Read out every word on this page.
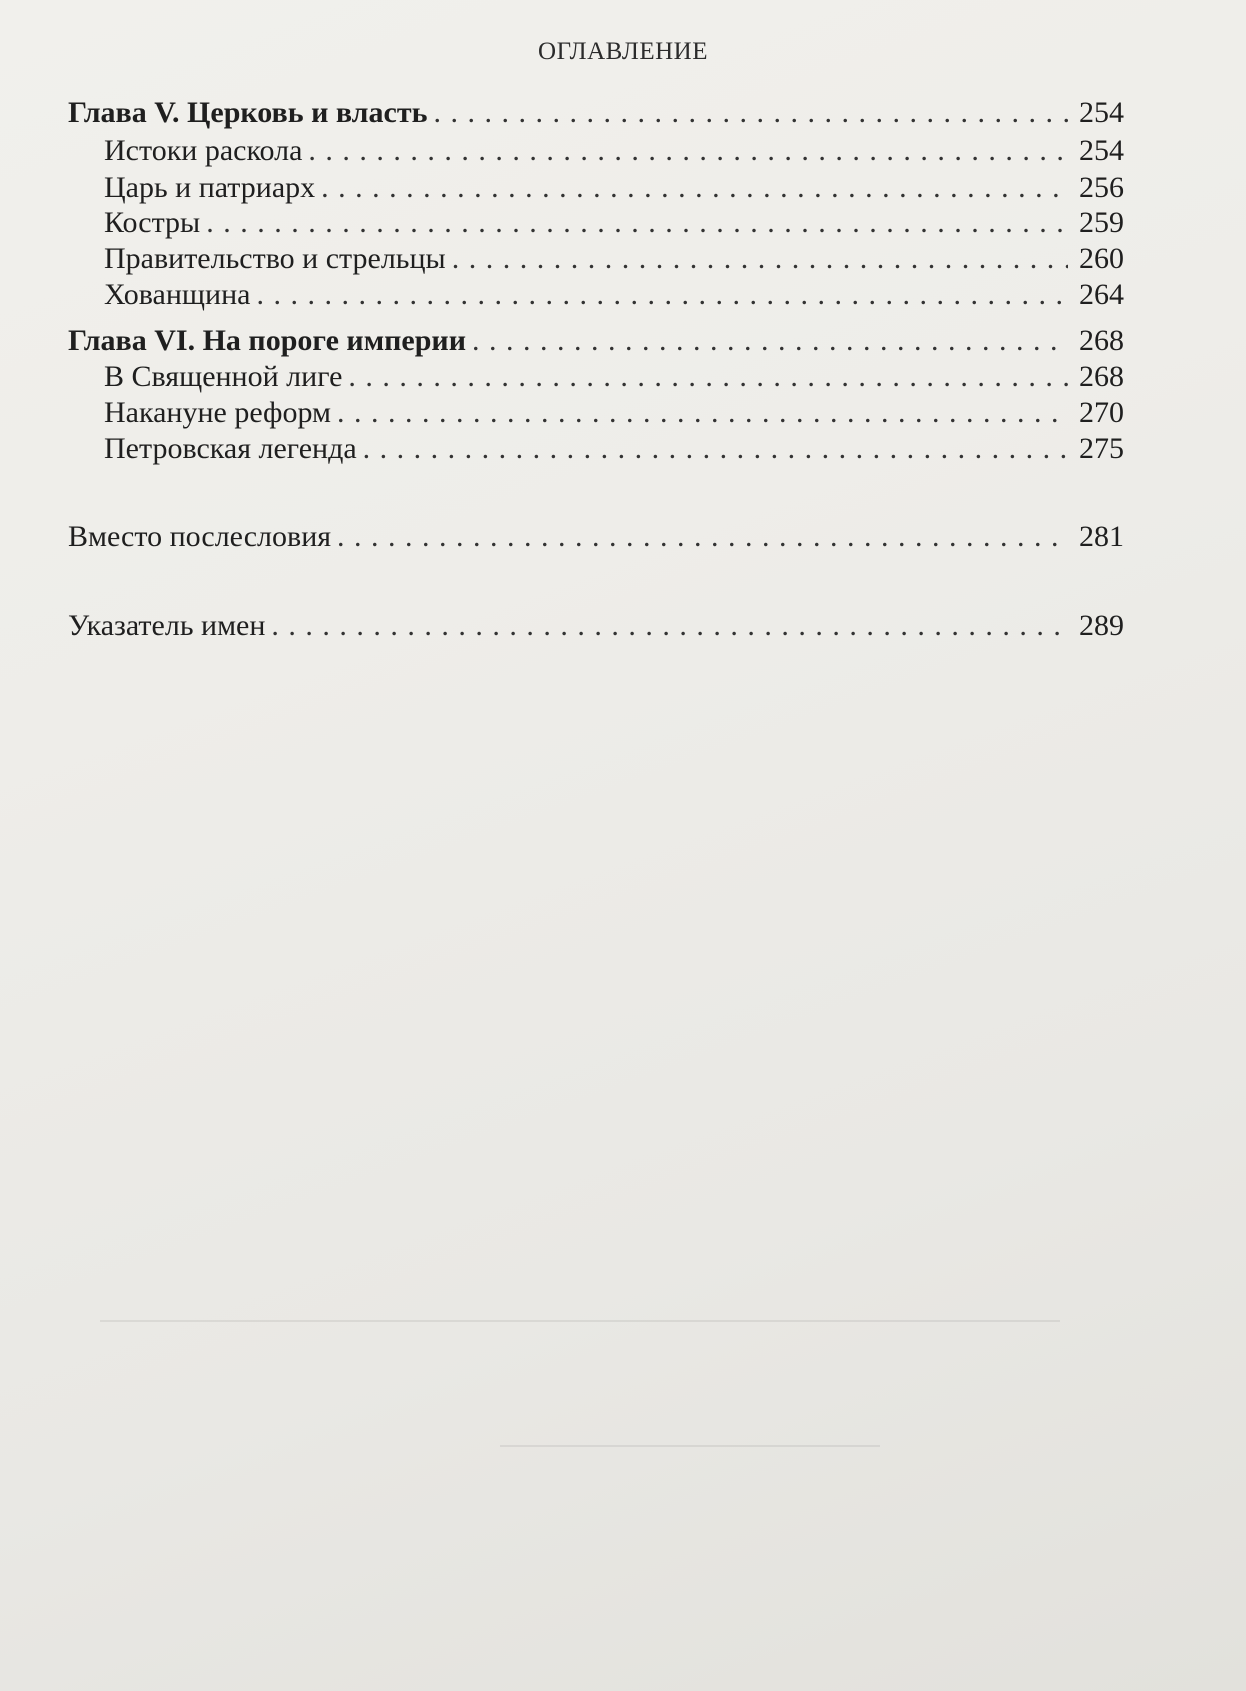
ОГЛАВЛЕНИЕ
Глава V. Церковь и власть . . .	254
Истоки раскола . . .	254
Царь и патриарх . . .	256
Костры . . .	259
Правительство и стрельцы . . .	260
Хованщина . . .	264
Глава VI. На пороге империи . . .	268
В Священной лиге . . .	268
Накануне реформ . . .	270
Петровская легенда . . .	275
Вместо послесловия . . .	281
Указатель имен . . .	289
